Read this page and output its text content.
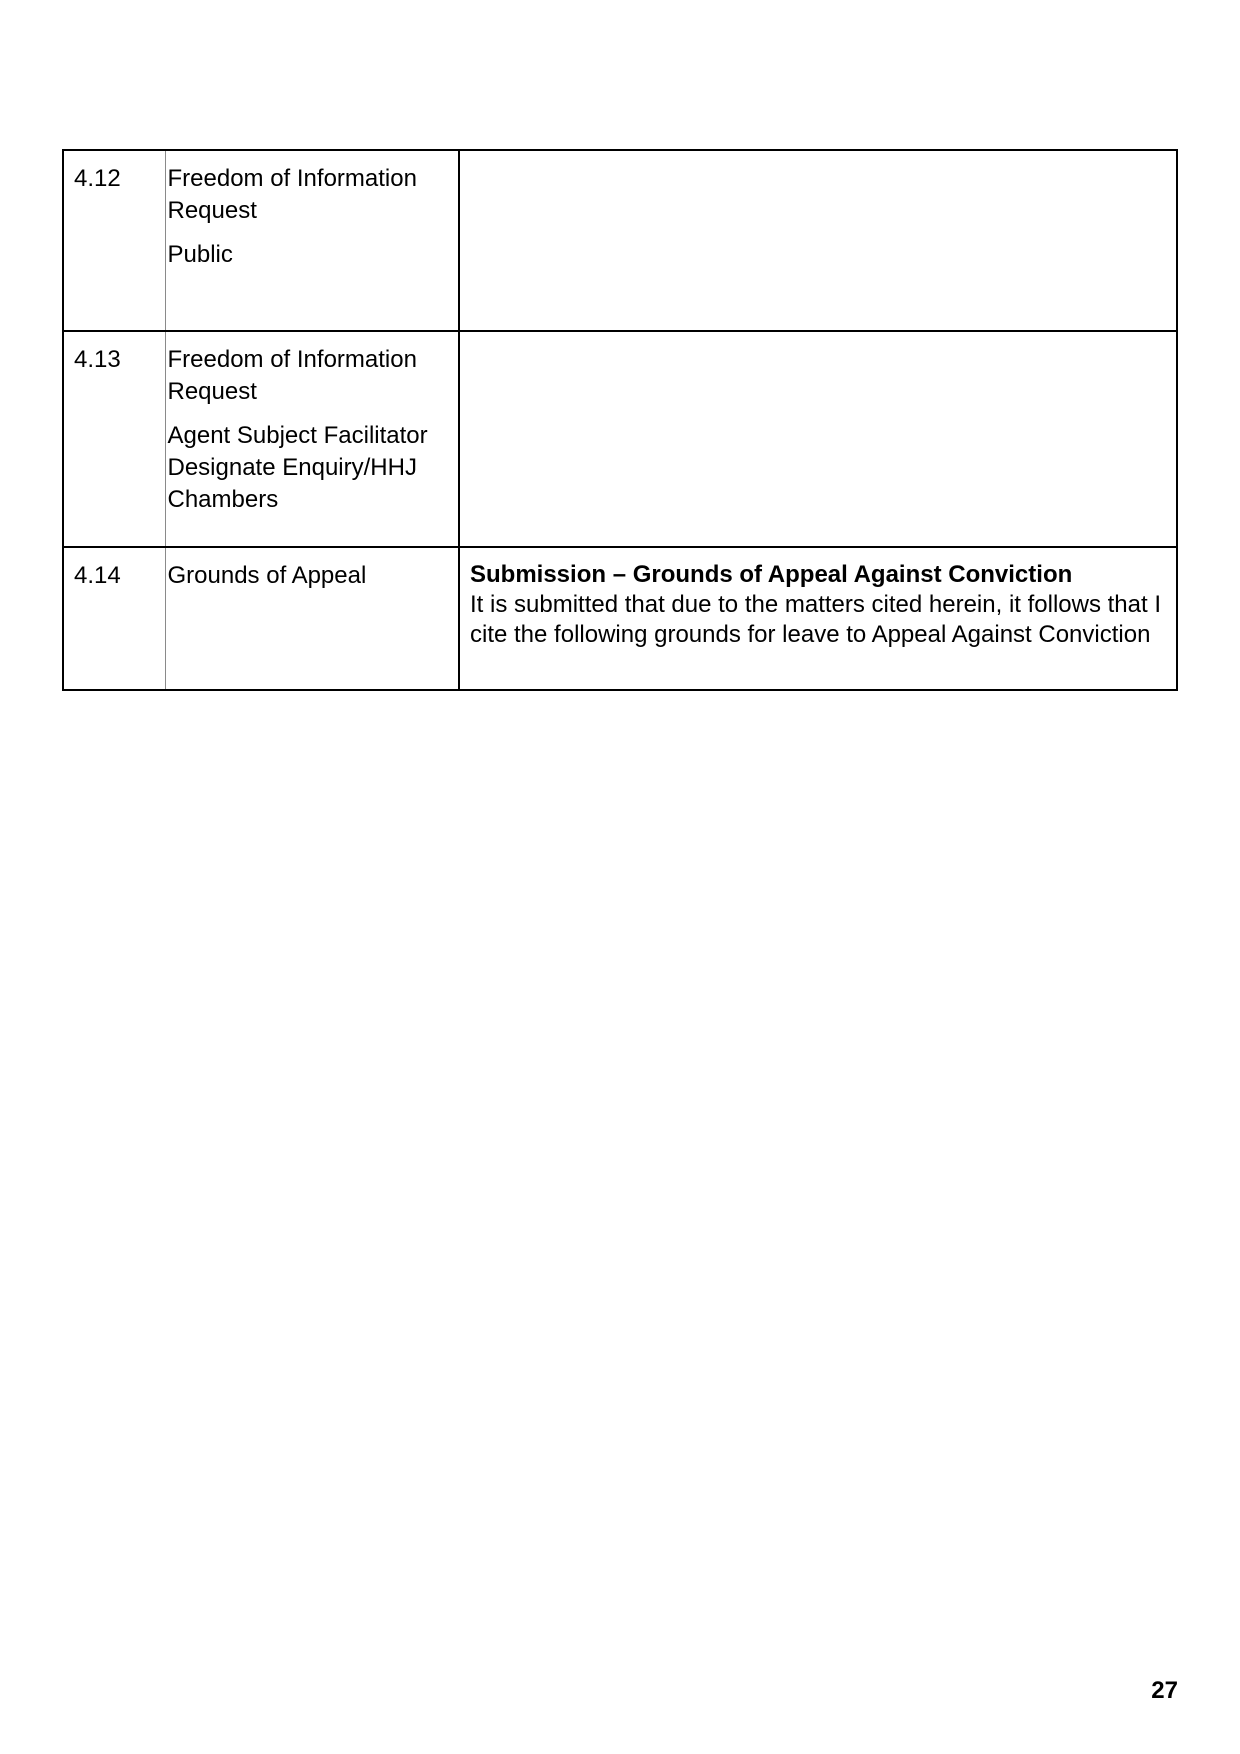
4.12	Freedom of Information Request
Public	

4.13	Freedom of Information Request
Agent Subject Facilitator Designate Enquiry/HHJ Chambers	

4.14	Grounds of Appeal	Submission – Grounds of Appeal Against Conviction
It is submitted that due to the matters cited herein, it follows that I cite the following grounds for leave to Appeal Against Conviction
27
